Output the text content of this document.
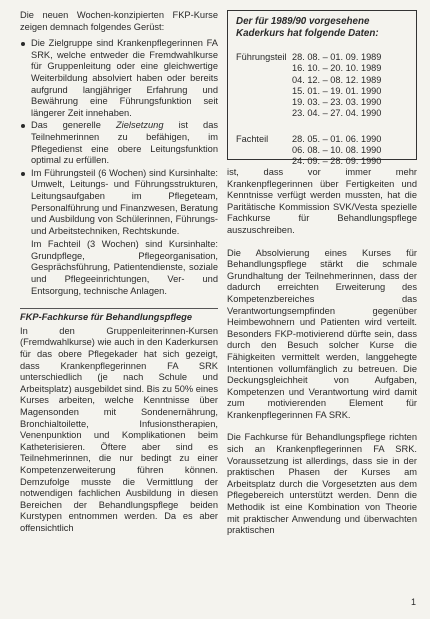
Die neuen Wochen-konzipierten FKP-Kurse zeigen demnach folgendes Gerüst:

Die Zielgruppe sind Krankenpflegerinnen FA SRK, welche entweder die Fremdwahlkurse für Gruppenleitung oder eine gleichwertige Weiterbildung absolviert haben oder bereits aufgrund langjähriger Erfahrung und Bewährung eine Führungsfunktion seit längerer Zeit innehaben.
Das generelle Zielsetzung ist das Teilnehmerinnen zu befähigen, im Pflegedienst eine obere Leitungsfunktion optimal zu erfüllen.
Im Führungsteil (6 Wochen) sind Kursinhalte: Umwelt, Leitungs- und Führungsstrukturen, Leitungsaufgaben im Pflegeteam, Personalführung und Finanzwesen, Beratung und Ausbildung von Schülerinnen, Führungs- und Arbeitstechniken, Rechtskunde.

Im Fachteil (3 Wochen) sind Kursinhalte: Grundpflege, Pflegeorganisation, Gesprächsführung, Patientendienste, soziale und Pflegeeinrichtungen, Ver- und Entsorgung, technische Anlagen.

FKP-Fachkurse für Behandlungspflege

In den Gruppenleiterinnen-Kursen (Fremdwahlkurse) wie auch in den Kaderkursen für das obere Pflegekader hat sich gezeigt, dass Krankenpflegerinnen FA SRK unterschiedlich (je nach Schule und Arbeitsplatz) ausgebildet sind. Bis zu 50% eines Kurses arbeiten, welche Kenntnisse über Magensonden mit Sondenernährung, Bronchialtoilette, Infusionstherapien, Venenpunktion und Komplikationen beim Katheterisieren. Öftere aber sind es Teilnehmerinnen, die nur bedingt zu einer Kompetenzerweiterung führen können. Demzufolge musste die Vermittlung der notwendigen fachlichen Ausbildung in diesen Bereichen der Behandlungspflege beiden Kurstypen entnommen werden. Da es aber offensichtlich

Der für 1989/90 vorgesehene Kaderkurs hat folgende Daten:
Führungsteil 28. 08. – 01. 09. 1989
16. 10. – 20. 10. 1989
04. 12. – 08. 12. 1989
15. 01. – 19. 01. 1990
19. 03. – 23. 03. 1990
23. 04. – 27. 04. 1990
Fachteil	28. 05. – 01. 06. 1990
06. 08. – 10. 08. 1990
24. 09. – 28. 09. 1990

ist, dass vor immer mehr Krankenpflegerinnen über Fertigkeiten und Kenntnisse verfügt werden mussten, hat die Paritätische Kommission SVK/Vesta spezielle Fachkurse für Behandlungspflege auszuschreiben.

Die Absolvierung eines Kurses für Behandlungspflege stärkt die schmale Grundhaltung der Teilnehmerinnen, dass der dadurch erreichten Erweiterung des Kompetenzbereiches das Verantwortungsempfinden gegenüber Heimbewohnern und Patienten wird verteilt. Besonders FKP-motivierend dürfte sein, dass durch den Besuch solcher Kurse die Fähigkeiten vermittelt werden, langgehegte Intentionen vollumfänglich zu betreuen. Die Deckungsgleichheit von Aufgaben, Kompetenzen und Verantwortung wird damit zum motivierenden Element für Krankenpflegerinnen FA SRK.

Die Fachkurse für Behandlungspflege richten sich an Krankenpflegerinnen FA SRK. Voraussetzung ist allerdings, dass sie in der praktischen Phasen der Kurses am Arbeitsplatz durch die Vorgesetzten aus dem Pflegebereich unterstützt werden. Denn die Methodik ist eine Kombination von Theorie mit praktischer Anwendung und überwachten praktischen

1
